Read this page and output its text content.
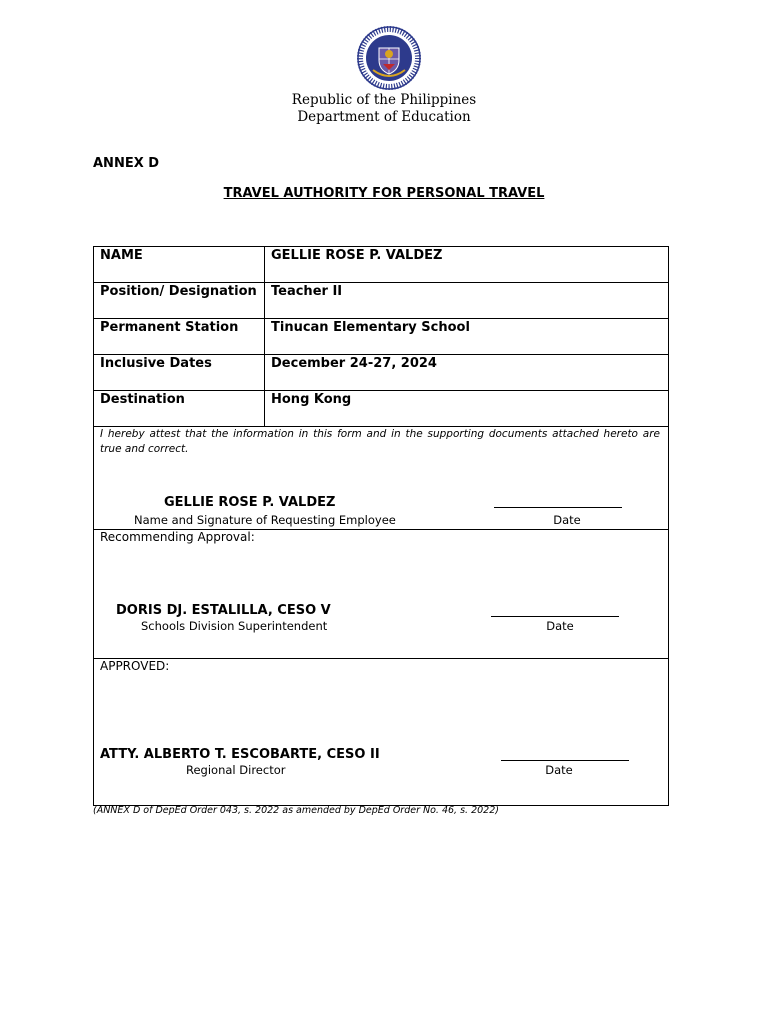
Republic of the Philippines
Department of Education
ANNEX D
TRAVEL AUTHORITY FOR PERSONAL TRAVEL
NAME	GELLIE ROSE P. VALDEZ
Position/ Designation	Teacher II
Permanent Station	Tinucan Elementary School
Inclusive Dates	December 24-27, 2024
Destination	Hong Kong
I hereby attest that the information in this form and in the supporting documents attached hereto are true and correct.
GELLIE ROSE P. VALDEZ
Name and Signature of Requesting Employee	Date
Recommending Approval:
DORIS DJ. ESTALILLA, CESO V
Schools Division Superintendent	Date
APPROVED:
ATTY. ALBERTO T. ESCOBARTE, CESO II
Regional Director	Date
(ANNEX D of DepEd Order 043, s. 2022 as amended by DepEd Order No. 46, s. 2022)
